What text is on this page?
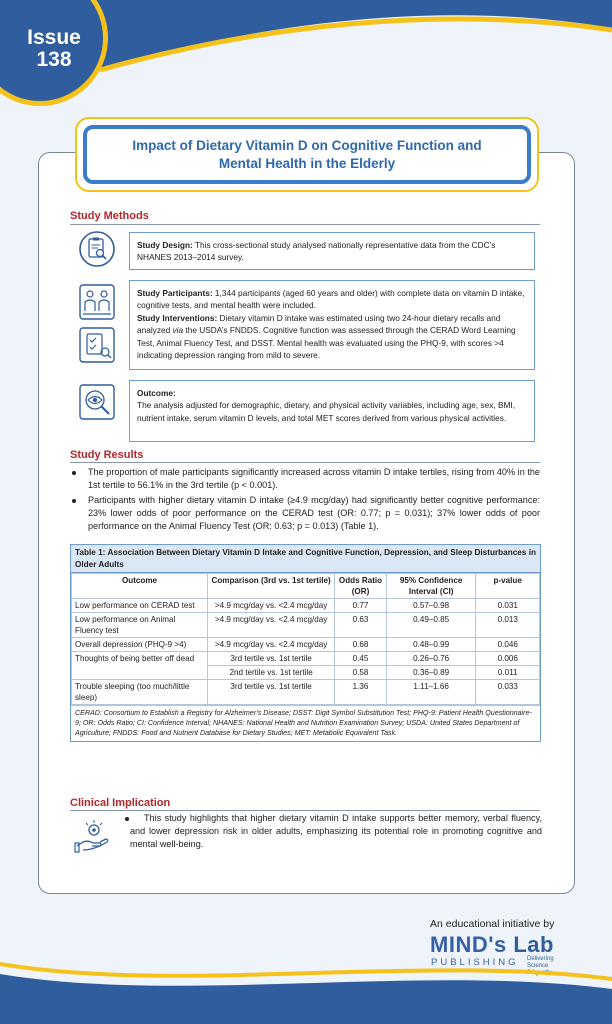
Issue
138
Impact of Dietary Vitamin D on Cognitive Function and Mental Health in the Elderly
Study Methods
Study Design: This cross-sectional study analysed nationally representative data from the CDC’s NHANES 2013–2014 survey.
Study Participants: 1,344 participants (aged 60 years and older) with complete data on vitamin D intake, cognitive tests, and mental health were included.
Study Interventions: Dietary vitamin D intake was estimated using two 24-hour dietary recalls and analyzed via the USDA’s FNDDS. Cognitive function was assessed through the CERAD Word Learning Test, Animal Fluency Test, and DSST. Mental health was evaluated using the PHQ-9, with scores >4 indicating depression ranging from mild to severe.
Outcome:
The analysis adjusted for demographic, dietary, and physical activity variables, including age, sex, BMI, nutrient intake, serum vitamin D levels, and total MET scores derived from various physical activities.
Study Results
The proportion of male participants significantly increased across vitamin D intake tertiles, rising from 40% in the 1st tertile to 56.1% in the 3rd tertile (p < 0.001).
Participants with higher dietary vitamin D intake (≥4.9 mcg/day) had significantly better cognitive performance: 23% lower odds of poor performance on the CERAD test (OR: 0.77; p = 0.031); 37% lower odds of poor performance on the Animal Fluency Test (OR: 0.63; p = 0.013) (Table 1).
Table 1: Association Between Dietary Vitamin D Intake and Cognitive Function, Depression, and Sleep Disturbances in Older Adults
Outcome	Comparison (3rd vs. 1st tertile)	Odds Ratio (OR)	95% Confidence Interval (CI)	p-value
Low performance on CERAD test	>4.9 mcg/day vs. <2.4 mcg/day	0.77	0.57–0.98	0.031
Low performance on Animal Fluency test	>4.9 mcg/day vs. <2.4 mcg/day	0.63	0.49–0.85	0.013
Overall depression (PHQ-9 >4)	>4.9 mcg/day vs. <2.4 mcg/day	0.68	0.48–0.99	0.046
Thoughts of being better off dead	3rd tertile vs. 1st tertile	0.45	0.26–0.76	0.006
	2nd tertile vs. 1st tertile	0.58	0.36–0.89	0.011
Trouble sleeping (too much/little sleep)	3rd tertile vs. 1st tertile	1.36	1.11–1.66	0.033
CERAD: Consortium to Establish a Registry for Alzheimer’s Disease; DSST: Digit Symbol Substitution Test; PHQ-9: Patient Health Questionnaire-9; OR: Odds Ratio; CI: Confidence Interval; NHANES: National Health and Nutrition Examination Survey; USDA: United States Department of Agriculture; FNDDS: Food and Nutrient Database for Dietary Studies; MET: Metabolic Equivalent Task.
Clinical Implication
This study highlights that higher dietary vitamin D intake supports better memory, verbal fluency, and lower depression risk in older adults, emphasizing its potential role in promoting cognitive and mental well-being.
An educational initiative by
MIND's Lab
PUBLISHING Delivering
Science
Diligently
